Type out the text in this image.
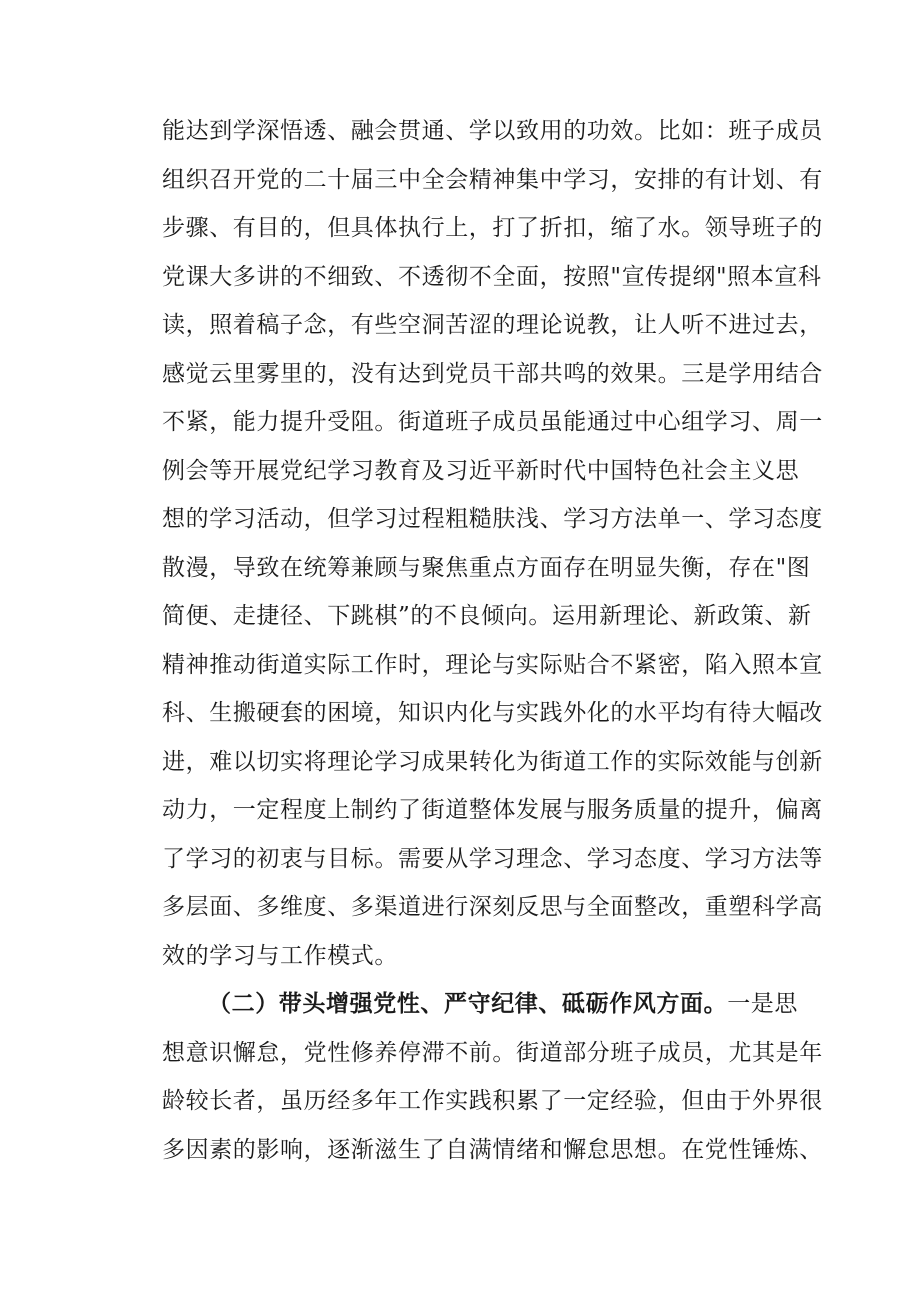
能达到学深悟透、融会贯通、学以致用的功效。比如：班子成员
组织召开党的二十届三中全会精神集中学习，安排的有计划、有
步骤、有目的，但具体执行上，打了折扣，缩了水。领导班子的
党课大多讲的不细致、不透彻不全面，按照"宣传提纲"照本宣科
读，照着稿子念，有些空洞苦涩的理论说教，让人听不进过去，
感觉云里雾里的，没有达到党员干部共鸣的效果。三是学用结合
不紧，能力提升受阻。街道班子成员虽能通过中心组学习、周一
例会等开展党纪学习教育及习近平新时代中国特色社会主义思
想的学习活动，但学习过程粗糙肤浅、学习方法单一、学习态度
散漫，导致在统筹兼顾与聚焦重点方面存在明显失衡，存在"图
简便、走捷径、下跳棋”的不良倾向。运用新理论、新政策、新
精神推动街道实际工作时，理论与实际贴合不紧密，陷入照本宣
科、生搬硬套的困境，知识内化与实践外化的水平均有待大幅改
进，难以切实将理论学习成果转化为街道工作的实际效能与创新
动力，一定程度上制约了街道整体发展与服务质量的提升，偏离
了学习的初衷与目标。需要从学习理念、学习态度、学习方法等
多层面、多维度、多渠道进行深刻反思与全面整改，重塑科学高
效的学习与工作模式。
（二）带头增强党性、严守纪律、砥砺作风方面。一是思
想意识懈怠，党性修养停滞不前。街道部分班子成员，尤其是年
龄较长者，虽历经多年工作实践积累了一定经验，但由于外界很
多因素的影响，逐渐滋生了自满情绪和懈怠思想。在党性锤炼、
